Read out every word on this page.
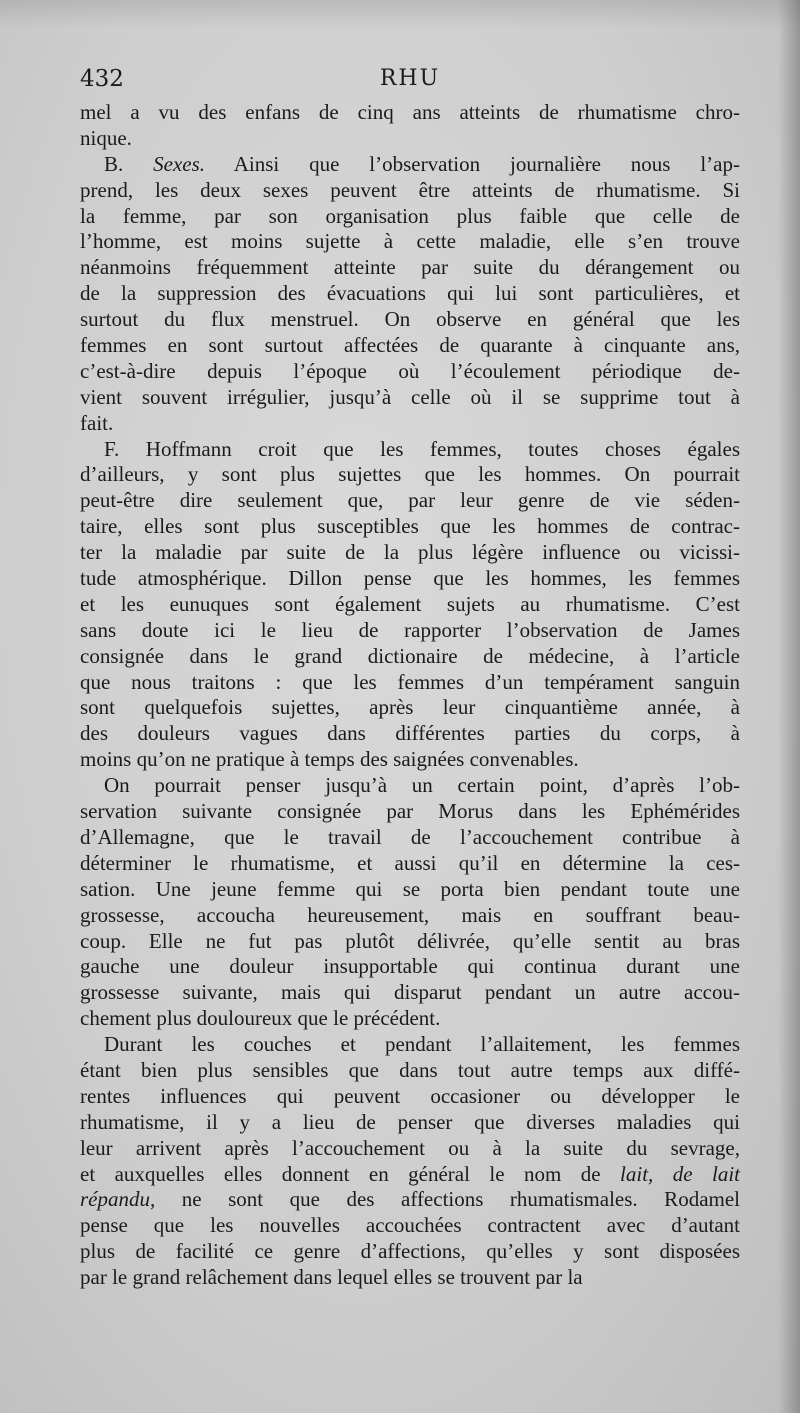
432	RHU
mel a vu des enfans de cinq ans atteints de rhumatisme chro-
nique.
B. Sexes. Ainsi que l’observation journalière nous l’ap-
prend, les deux sexes peuvent être atteints de rhumatisme. Si
la femme, par son organisation plus faible que celle de
l’homme, est moins sujette à cette maladie, elle s’en trouve
néanmoins fréquemment atteinte par suite du dérangement ou
de la suppression des évacuations qui lui sont particulières, et
surtout du flux menstruel. On observe en général que les
femmes en sont surtout affectées de quarante à cinquante ans,
c’est-à-dire depuis l’époque où l’écoulement périodique de-
vient souvent irrégulier, jusqu’à celle où il se supprime tout à
fait.
F. Hoffmann croit que les femmes, toutes choses égales
d’ailleurs, y sont plus sujettes que les hommes. On pourrait
peut-être dire seulement que, par leur genre de vie séden-
taire, elles sont plus susceptibles que les hommes de contrac-
ter la maladie par suite de la plus légère influence ou vicissi-
tude atmosphérique. Dillon pense que les hommes, les femmes
et les eunuques sont également sujets au rhumatisme. C’est
sans doute ici le lieu de rapporter l’observation de James
consignée dans le grand dictionaire de médecine, à l’article
que nous traitons : que les femmes d’un tempérament sanguin
sont quelquefois sujettes, après leur cinquantième année, à
des douleurs vagues dans différentes parties du corps, à
moins qu’on ne pratique à temps des saignées convenables.
On pourrait penser jusqu’à un certain point, d’après l’ob-
servation suivante consignée par Morus dans les Ephémérides
d’Allemagne, que le travail de l’accouchement contribue à
déterminer le rhumatisme, et aussi qu’il en détermine la ces-
sation. Une jeune femme qui se porta bien pendant toute une
grossesse, accoucha heureusement, mais en souffrant beau-
coup. Elle ne fut pas plutôt délivrée, qu’elle sentit au bras
gauche une douleur insupportable qui continua durant une
grossesse suivante, mais qui disparut pendant un autre accou-
chement plus douloureux que le précédent.
Durant les couches et pendant l’allaitement, les femmes
étant bien plus sensibles que dans tout autre temps aux diffé-
rentes influences qui peuvent occasioner ou développer le
rhumatisme, il y a lieu de penser que diverses maladies qui
leur arrivent après l’accouchement ou à la suite du sevrage,
et auxquelles elles donnent en général le nom de lait, de lait
répandu, ne sont que des affections rhumatismales. Rodamel
pense que les nouvelles accouchées contractent avec d’autant
plus de facilité ce genre d’affections, qu’elles y sont disposées
par le grand relâchement dans lequel elles se trouvent par la
